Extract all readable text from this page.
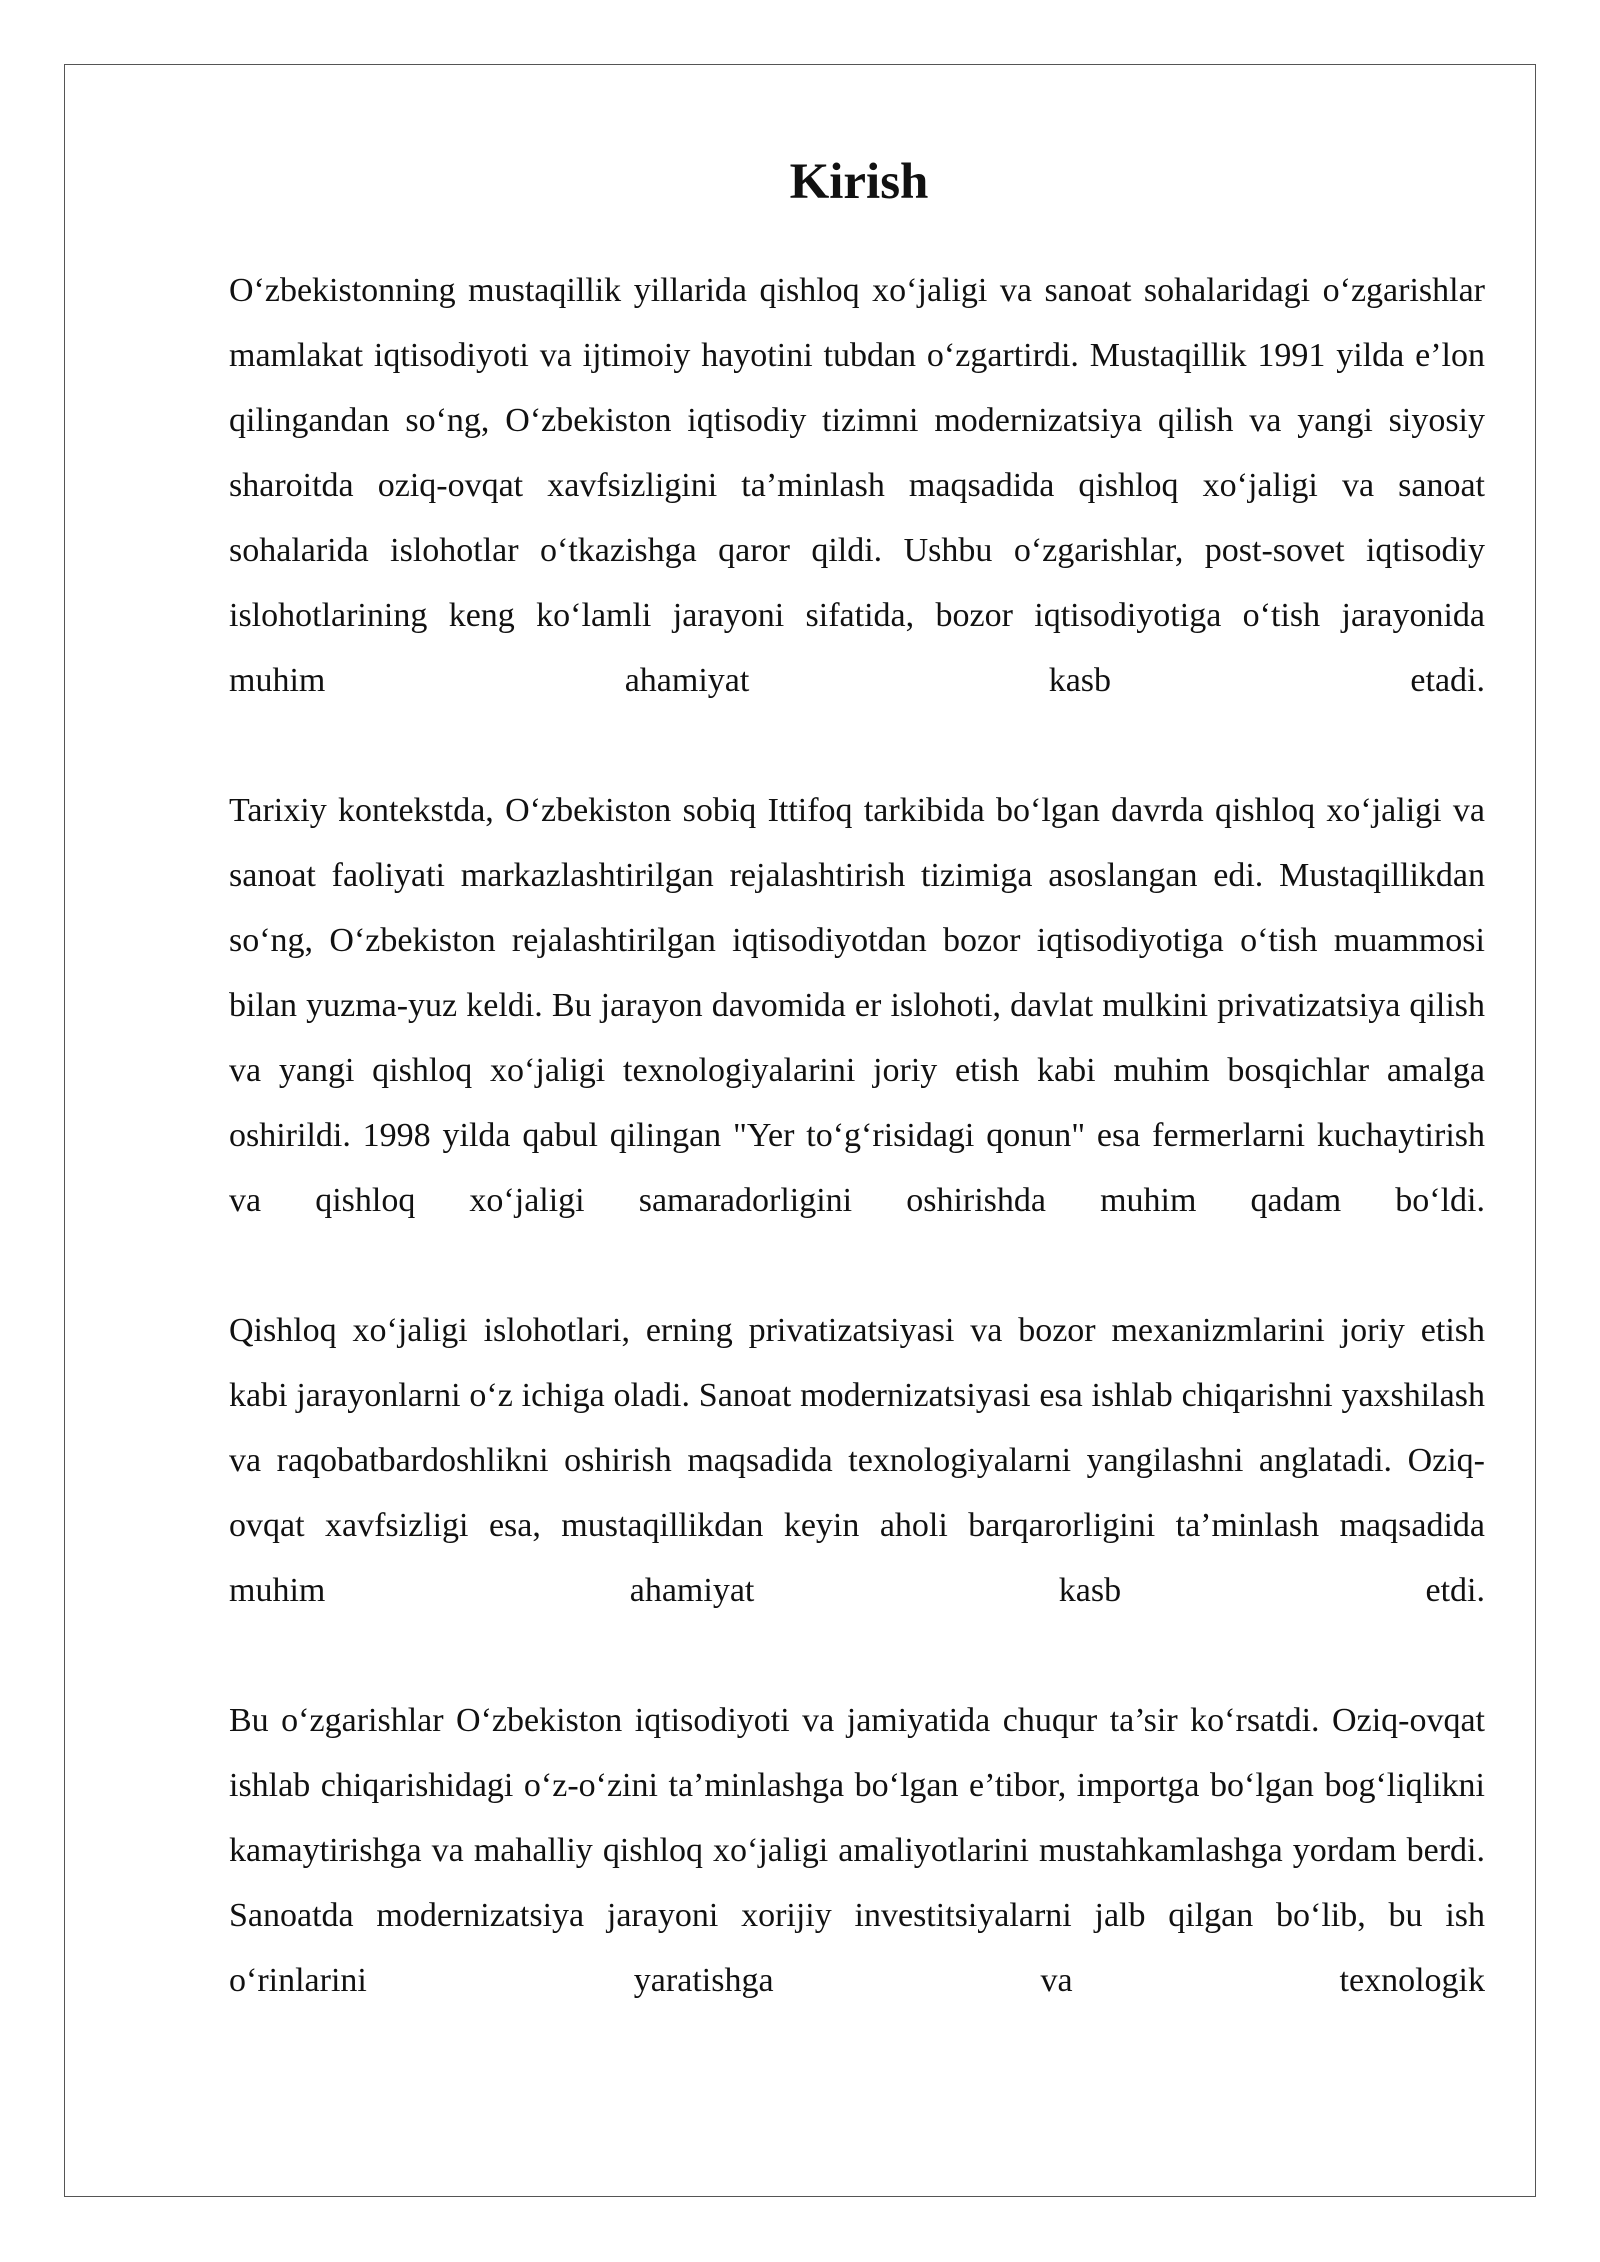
Kirish

Oʻzbekistonning mustaqillik yillarida qishloq xoʻjaligi va sanoat sohalaridagi oʻzgarishlar mamlakat iqtisodiyoti va ijtimoiy hayotini tubdan oʻzgartirdi. Mustaqillik 1991 yilda e’lon qilingandan soʻng, Oʻzbekiston iqtisodiy tizimni modernizatsiya qilish va yangi siyosiy sharoitda oziq-ovqat xavfsizligini ta’minlash maqsadida qishloq xoʻjaligi va sanoat sohalarida islohotlar oʻtkazishga qaror qildi. Ushbu oʻzgarishlar, post-sovet iqtisodiy islohotlarining keng koʻlamli jarayoni sifatida, bozor iqtisodiyotiga oʻtish jarayonida muhim ahamiyat kasb etadi.

Tarixiy kontekstda, Oʻzbekiston sobiq Ittifoq tarkibida boʻlgan davrda qishloq xoʻjaligi va sanoat faoliyati markazlashtirilgan rejalashtirish tizimiga asoslangan edi. Mustaqillikdan soʻng, Oʻzbekiston rejalashtirilgan iqtisodiyotdan bozor iqtisodiyotiga oʻtish muammosi bilan yuzma-yuz keldi. Bu jarayon davomida er islohoti, davlat mulkini privatizatsiya qilish va yangi qishloq xoʻjaligi texnologiyalarini joriy etish kabi muhim bosqichlar amalga oshirildi. 1998 yilda qabul qilingan "Yer toʻgʻrisidagi qonun" esa fermerlarni kuchaytirish va qishloq xoʻjaligi samaradorligini oshirishda muhim qadam boʻldi.

Qishloq xoʻjaligi islohotlari, erning privatizatsiyasi va bozor mexanizmlarini joriy etish kabi jarayonlarni oʻz ichiga oladi. Sanoat modernizatsiyasi esa ishlab chiqarishni yaxshilash va raqobatbardoshlikni oshirish maqsadida texnologiyalarni yangilashni anglatadi. Oziq-ovqat xavfsizligi esa, mustaqillikdan keyin aholi barqarorligini ta’minlash maqsadida muhim ahamiyat kasb etdi.

Bu oʻzgarishlar Oʻzbekiston iqtisodiyoti va jamiyatida chuqur ta’sir koʻrsatdi. Oziq-ovqat ishlab chiqarishidagi oʻz-oʻzini ta’minlashga boʻlgan e’tibor, importga boʻlgan bogʻliqlikni kamaytirishga va mahalliy qishloq xoʻjaligi amaliyotlarini mustahkamlashga yordam berdi. Sanoatda modernizatsiya jarayoni xorijiy investitsiyalarni jalb qilgan boʻlib, bu ish oʻrinlarini yaratishga va texnologik
